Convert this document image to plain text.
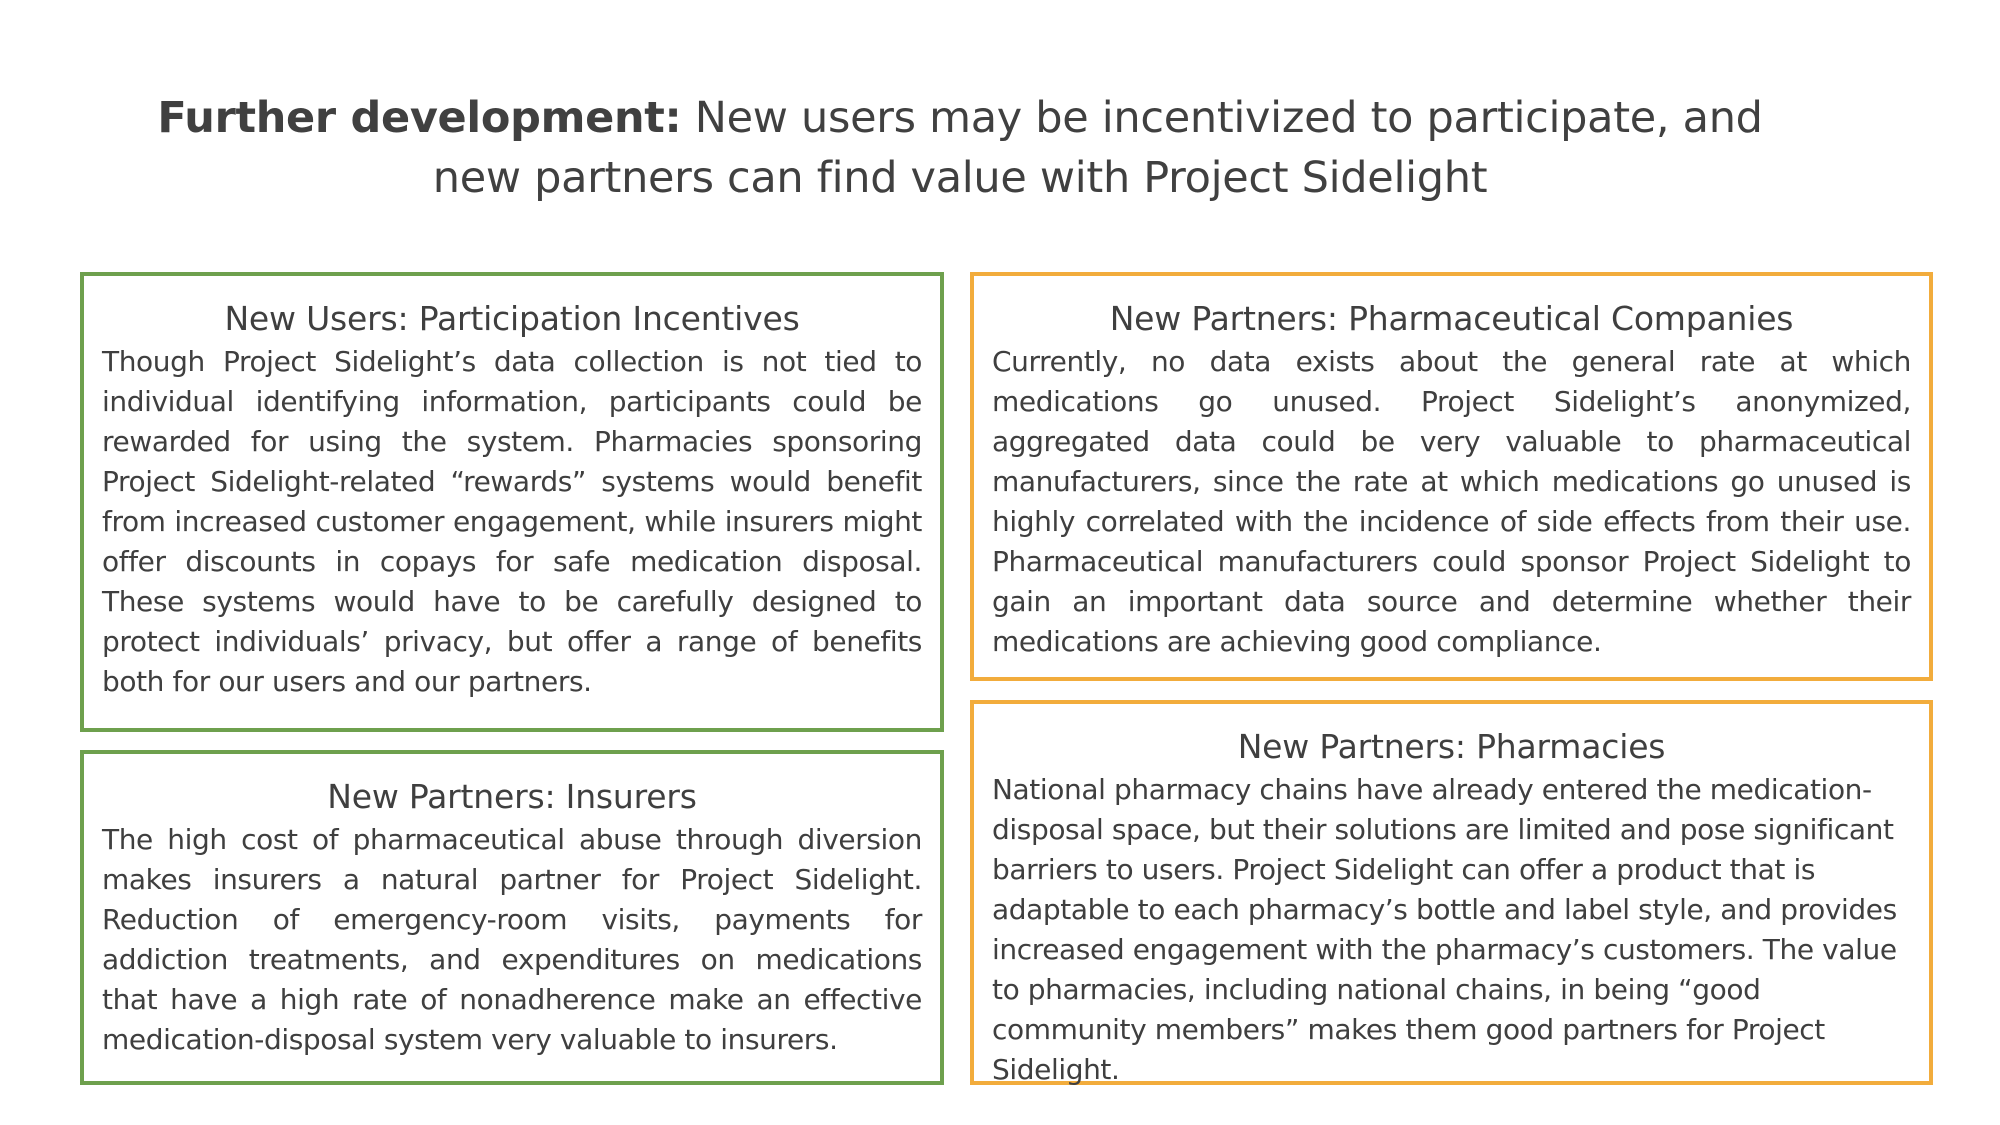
Further development: New users may be incentivized to participate, and new partners can find value with Project Sidelight
New Users: Participation Incentives

Though Project Sidelight’s data collection is not tied to individual identifying information, participants could be rewarded for using the system. Pharmacies sponsoring Project Sidelight-related “rewards” systems would benefit from increased customer engagement, while insurers might offer discounts in copays for safe medication disposal. These systems would have to be carefully designed to protect individuals’ privacy, but offer a range of benefits both for our users and our partners.

New Partners: Insurers

The high cost of pharmaceutical abuse through diversion makes insurers a natural partner for Project Sidelight. Reduction of emergency-room visits, payments for addiction treatments, and expenditures on medications that have a high rate of nonadherence make an effective medication-disposal system very valuable to insurers.

New Partners: Pharmaceutical Companies

Currently, no data exists about the general rate at which medications go unused. Project Sidelight’s anonymized, aggregated data could be very valuable to pharmaceutical manufacturers, since the rate at which medications go unused is highly correlated with the incidence of side effects from their use. Pharmaceutical manufacturers could sponsor Project Sidelight to gain an important data source and determine whether their medications are achieving good compliance.

New Partners: Pharmacies

National pharmacy chains have already entered the medication-disposal space, but their solutions are limited and pose significant barriers to users. Project Sidelight can offer a product that is adaptable to each pharmacy’s bottle and label style, and provides increased engagement with the pharmacy’s customers. The value to pharmacies, including national chains, in being “good community members” makes them good partners for Project Sidelight.
